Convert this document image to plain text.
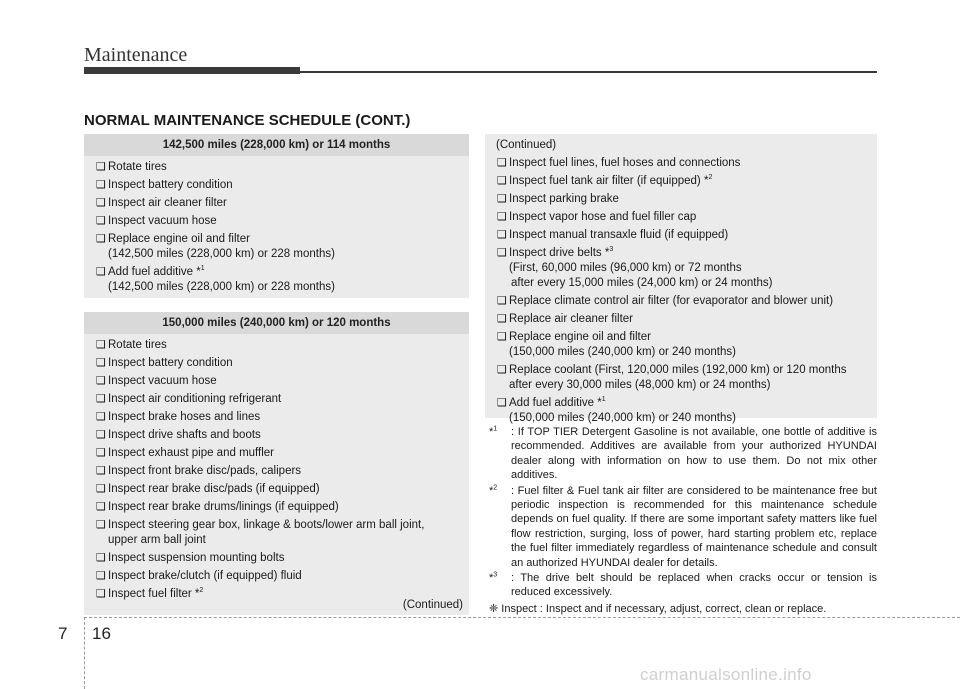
Maintenance
NORMAL MAINTENANCE SCHEDULE (CONT.)
142,500 miles (228,000 km) or 114 months
❑ Rotate tires
❑ Inspect battery condition
❑ Inspect air cleaner filter
❑ Inspect vacuum hose
❑ Replace engine oil and filter
(142,500 miles (228,000 km) or 228 months)
❑ Add fuel additive *$^1$
(142,500 miles (228,000 km) or 228 months)
150,000 miles (240,000 km) or 120 months
❑ Rotate tires
❑ Inspect battery condition
❑ Inspect vacuum hose
❑ Inspect air conditioning refrigerant
❑ Inspect brake hoses and lines
❑ Inspect drive shafts and boots
❑ Inspect exhaust pipe and muffler
❑ Inspect front brake disc/pads, calipers
❑ Inspect rear brake disc/pads (if equipped)
❑ Inspect rear brake drums/linings (if equipped)
❑ Inspect steering gear box, linkage & boots/lower arm ball joint,
upper arm ball joint
❑ Inspect suspension mounting bolts
❑ Inspect brake/clutch (if equipped) fluid
❑ Inspect fuel filter *$^2$
(Continued)
(Continued)
❑ Inspect fuel lines, fuel hoses and connections
❑ Inspect fuel tank air filter (if equipped) *$^2$
❑ Inspect parking brake
❑ Inspect vapor hose and fuel filler cap
❑ Inspect manual transaxle fluid (if equipped)
❑ Inspect drive belts *$^3$
(First, 60,000 miles (96,000 km) or 72 months
after every 15,000 miles (24,000 km) or 24 months)
❑ Replace climate control air filter (for evaporator and blower unit)
❑ Replace air cleaner filter
❑ Replace engine oil and filter
(150,000 miles (240,000 km) or 240 months)
❑ Replace coolant (First, 120,000 miles (192,000 km) or 120 months
after every 30,000 miles (48,000 km) or 24 months)
❑ Add fuel additive *$^1$
(150,000 miles (240,000 km) or 240 months)
*$^1$ : If TOP TIER Detergent Gasoline is not available, one bottle of additive is recommended. Additives are available from your authorized HYUNDAI dealer along with information on how to use them. Do not mix other additives.
*$^2$ : Fuel filter & Fuel tank air filter are considered to be maintenance free but periodic inspection is recommended for this maintenance schedule depends on fuel quality. If there are some important safety matters like fuel flow restriction, surging, loss of power, hard starting problem etc, replace the fuel filter immediately regardless of maintenance schedule and consult an authorized HYUNDAI dealer for details.
*$^3$ : The drive belt should be replaced when cracks occur or tension is reduced excessively.
❈ Inspect : Inspect and if necessary, adjust, correct, clean or replace.
7 16
carmanualsonline.info
